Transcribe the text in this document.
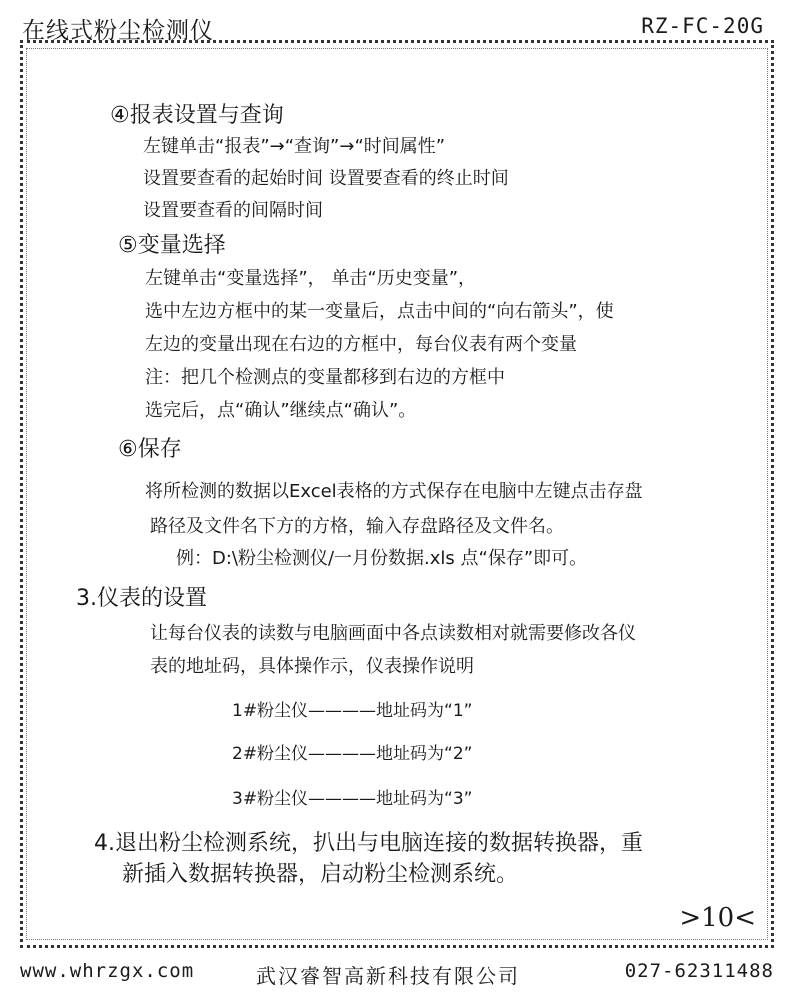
在线式粉尘检测仪	RZ-FC-20G
④报表设置与查询
左键单击“报表”→“查询”→“时间属性”
设置要查看的起始时间 设置要查看的终止时间
设置要查看的间隔时间
⑤变量选择
左键单击“变量选择”， 单击“历史变量”，
选中左边方框中的某一变量后，点击中间的“向右箭头”，使
左边的变量出现在右边的方框中，每台仪表有两个变量
注：把几个检测点的变量都移到右边的方框中
选完后，点“确认”继续点“确认”。
⑥保存
将所检测的数据以Excel表格的方式保存在电脑中左键点击存盘
路径及文件名下方的方格，输入存盘路径及文件名。
例：D:\粉尘检测仪/一月份数据.xls 点“保存”即可。
3.仪表的设置
让每台仪表的读数与电脑画面中各点读数相对就需要修改各仪
表的地址码，具体操作示，仪表操作说明
1#粉尘仪————地址码为“1”
2#粉尘仪————地址码为“2”
3#粉尘仪————地址码为“3”
4.退出粉尘检测系统，扒出与电脑连接的数据转换器，重
新插入数据转换器，启动粉尘检测系统。
>10<
www.whrzgx.com	武汉睿智高新科技有限公司	027-62311488
